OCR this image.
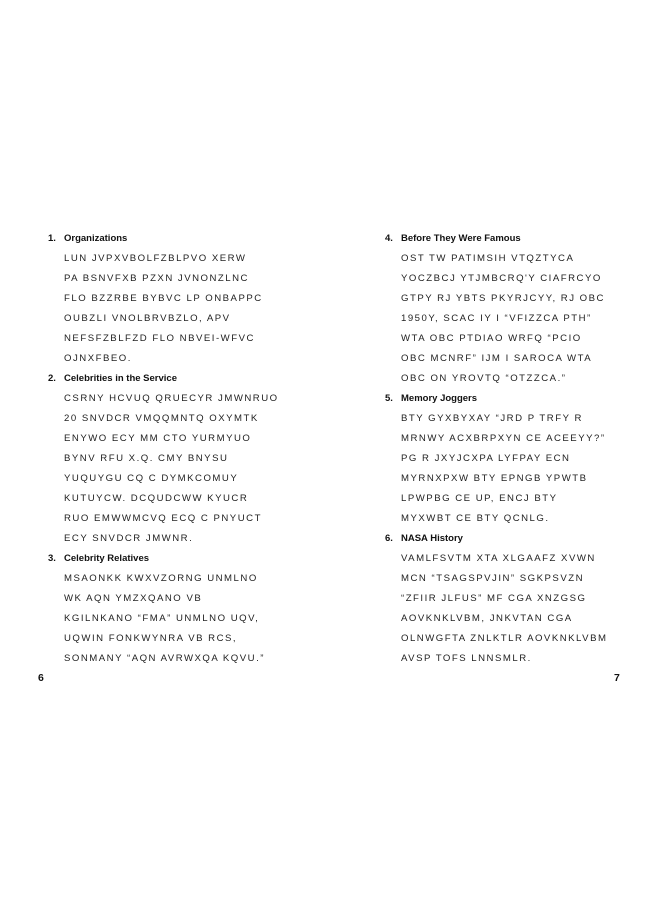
1. Organizations
LUN JVPXVBOLFZBLPVO XERW
PA BSNVFXB PZXN JVNONZLNC
FLO BZZRBE BYBVC LP ONBAPPC
OUBZLI VNOLBRVBZLO, APV
NEFSFZBLFZD FLO NBVEI-WFVC
OJNXFBEO.
2. Celebrities in the Service
CSRNY HCVUQ QRUECYR JMWNRUO
20 SNVDCR VMQQMNTQ OXYMTK
ENYWO ECY MM CTO YURMYUO
BYNV RFU X.Q. CMY BNYSU
YUQUYGU CQ C DYMKCOMUY
KUTUYCW. DCQUDCWW KYUCR
RUO EMWWMCVQ ECQ C PNYUCT
ECY SNVDCR JMWNR.
3. Celebrity Relatives
MSAONKK KWXVZORNG UNMLNO
WK AQN YMZXQANO VB
KGILNKANO “FMA” UNMLNO UQV,
UQWIN FONKWYNRA VB RCS,
SONMANY “AQN AVRWXQA KQVU.”
4. Before They Were Famous
OST TW PATIMSIH VTQZTYCA
YOCZBCJ YTJMBCRQ'Y CIAFRCYO
GTPY RJ YBTS PKYRJCYY, RJ OBC
1950Y, SCAC IY I “VFIZZCA PTH”
WTA OBC PTDIAO WRFQ “PCIO
OBC MCNRF” IJM I SAROCA WTA
OBC ON YROVTQ “OTZZCA.”
5. Memory Joggers
BTY GYXBYXAY “JRD P TRFY R
MRNWY ACXBRPXYN CE ACEEYY?”
PG R JXYJCXPA LYFPAY ECN
MYRNXPXW BTY EPNGB YPWTB
LPWPBG CE UP, ENCJ BTY
MYXWBT CE BTY QCNLG.
6. NASA History
VAMLFSVTM XTA XLGAAFZ XVWN
MCN “TSAGSPVJIN” SGKPSVZN
“ZFIIR JLFUS” MF CGA XNZGSG
AOVKNKLVBM, JNKVTAN CGA
OLNWGFTA ZNLKTLR AOVKNKLVBM
AVSP TOFS LNNSMLR.
6	7
